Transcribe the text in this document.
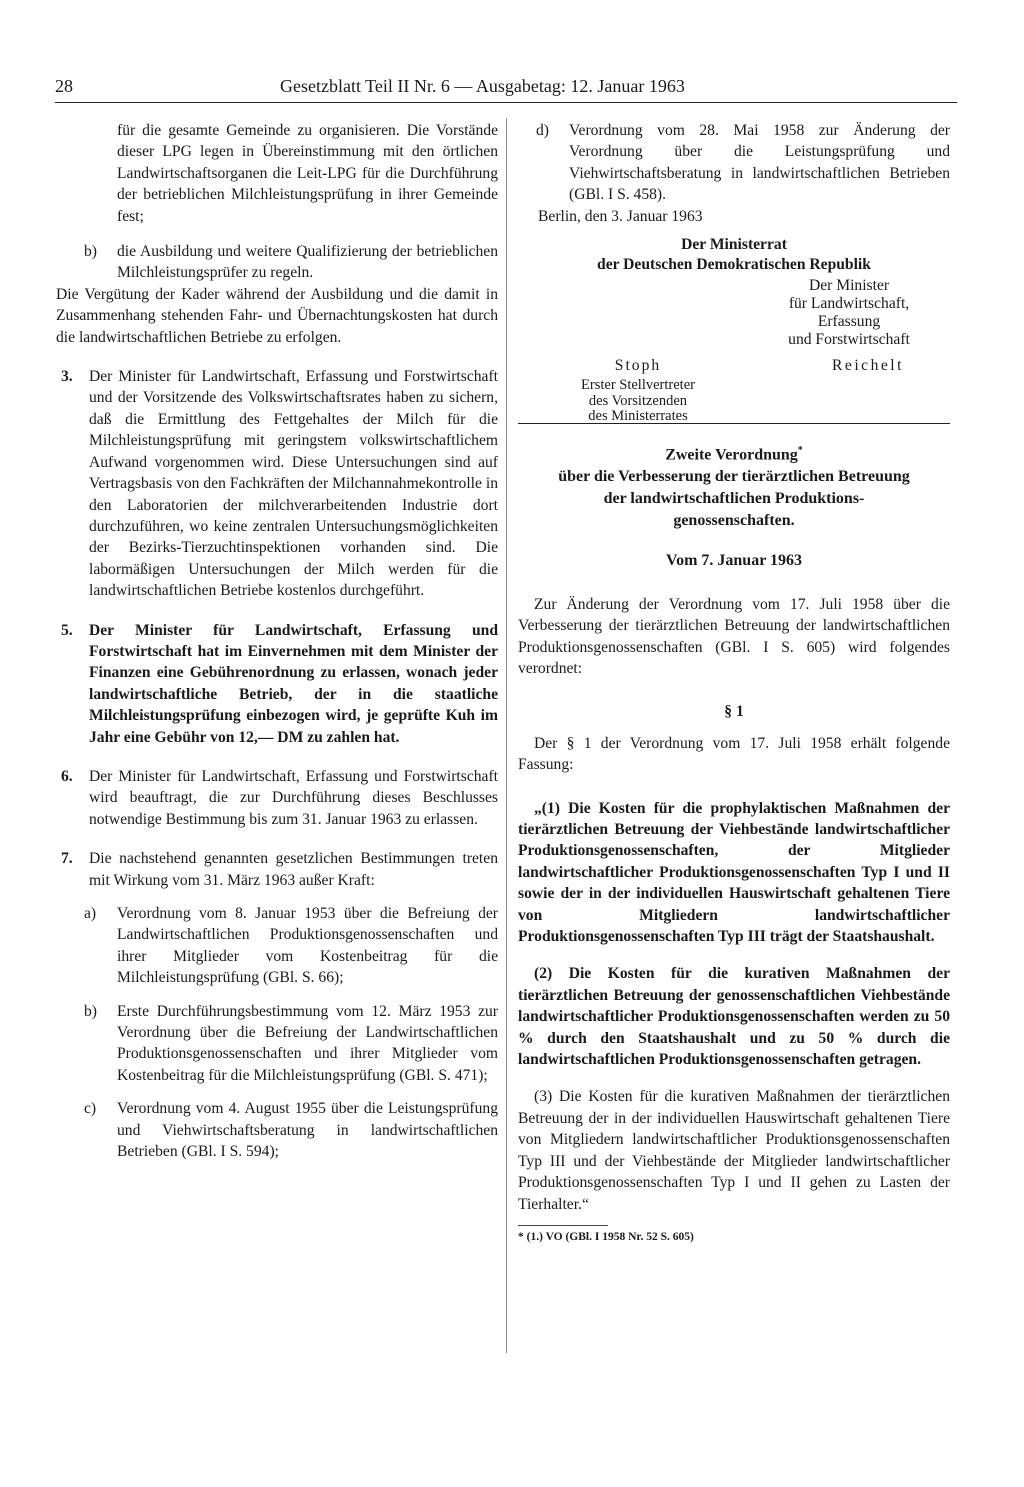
28	Gesetzblatt Teil II Nr. 6 — Ausgabetag: 12. Januar 1963

für die gesamte Gemeinde zu organisieren. Die Vorstände dieser LPG legen in Übereinstimmung mit den örtlichen Landwirtschaftsorganen die Leit-LPG für die Durchführung der betrieblichen Milchleistungsprüfung in ihrer Gemeinde fest;

b) die Ausbildung und weitere Qualifizierung der betrieblichen Milchleistungsprüfer zu regeln.

Die Vergütung der Kader während der Ausbildung und die damit in Zusammenhang stehenden Fahr- und Übernachtungskosten hat durch die landwirtschaftlichen Betriebe zu erfolgen.

3. Der Minister für Landwirtschaft, Erfassung und Forstwirtschaft und der Vorsitzende des Volkswirtschaftsrates haben zu sichern, daß die Ermittlung des Fettgehaltes der Milch für die Milchleistungsprüfung mit geringstem volkswirtschaftlichem Aufwand vorgenommen wird. Diese Untersuchungen sind auf Vertragsbasis von den Fachkräften der Milchannahmekontrolle in den Laboratorien der milchverarbeitenden Industrie dort durchzuführen, wo keine zentralen Untersuchungsmöglichkeiten der Bezirks-Tierzuchtinspektionen vorhanden sind. Die labormäßigen Untersuchungen der Milch werden für die landwirtschaftlichen Betriebe kostenlos durchgeführt.

5. Der Minister für Landwirtschaft, Erfassung und Forstwirtschaft hat im Einvernehmen mit dem Minister der Finanzen eine Gebührenordnung zu erlassen, wonach jeder landwirtschaftliche Betrieb, der in die staatliche Milchleistungsprüfung einbezogen wird, je geprüfte Kuh im Jahr eine Gebühr von 12,— DM zu zahlen hat.

6. Der Minister für Landwirtschaft, Erfassung und Forstwirtschaft wird beauftragt, die zur Durchführung dieses Beschlusses notwendige Bestimmung bis zum 31. Januar 1963 zu erlassen.

7. Die nachstehend genannten gesetzlichen Bestimmungen treten mit Wirkung vom 31. März 1963 außer Kraft:

a) Verordnung vom 8. Januar 1953 über die Befreiung der Landwirtschaftlichen Produktionsgenossenschaften und ihrer Mitglieder vom Kostenbeitrag für die Milchleistungsprüfung (GBl. S. 66);

b) Erste Durchführungsbestimmung vom 12. März 1953 zur Verordnung über die Befreiung der Landwirtschaftlichen Produktionsgenossenschaften und ihrer Mitglieder vom Kostenbeitrag für die Milchleistungsprüfung (GBl. S. 471);

c) Verordnung vom 4. August 1955 über die Leistungsprüfung und Viehwirtschaftsberatung in landwirtschaftlichen Betrieben (GBl. I S. 594);

d) Verordnung vom 28. Mai 1958 zur Änderung der Verordnung über die Leistungsprüfung und Viehwirtschaftsberatung in landwirtschaftlichen Betrieben (GBl. I S. 458).

Berlin, den 3. Januar 1963

Der Ministerrat
der Deutschen Demokratischen Republik
Der Minister
für Landwirtschaft,
Erfassung
und Forstwirtschaft
Stoph
Erster Stellvertreter
des Vorsitzenden
des Ministerrates
Reichelt
Zweite Verordnung*
über die Verbesserung der tierärztlichen Betreuung
der landwirtschaftlichen Produktions-
genossenschaften.
Vom 7. Januar 1963

Zur Änderung der Verordnung vom 17. Juli 1958 über die Verbesserung der tierärztlichen Betreuung der landwirtschaftlichen Produktionsgenossenschaften (GBl. I S. 605) wird folgendes verordnet:

§ 1

Der § 1 der Verordnung vom 17. Juli 1958 erhält folgende Fassung:

„(1) Die Kosten für die prophylaktischen Maßnahmen der tierärztlichen Betreuung der Viehbestände landwirtschaftlicher Produktionsgenossenschaften, der Mitglieder landwirtschaftlicher Produktionsgenossenschaften Typ I und II sowie der in der individuellen Hauswirtschaft gehaltenen Tiere von Mitgliedern landwirtschaftlicher Produktionsgenossenschaften Typ III trägt der Staatshaushalt.

(2) Die Kosten für die kurativen Maßnahmen der tierärztlichen Betreuung der genossenschaftlichen Viehbestände landwirtschaftlicher Produktionsgenossenschaften werden zu 50 % durch den Staatshaushalt und zu 50 % durch die landwirtschaftlichen Produktionsgenossenschaften getragen.

(3) Die Kosten für die kurativen Maßnahmen der tierärztlichen Betreuung der in der individuellen Hauswirtschaft gehaltenen Tiere von Mitgliedern landwirtschaftlicher Produktionsgenossenschaften Typ III und der Viehbestände der Mitglieder landwirtschaftlicher Produktionsgenossenschaften Typ I und II gehen zu Lasten der Tierhalter.“

* (1.) VO (GBl. I 1958 Nr. 52 S. 605)
